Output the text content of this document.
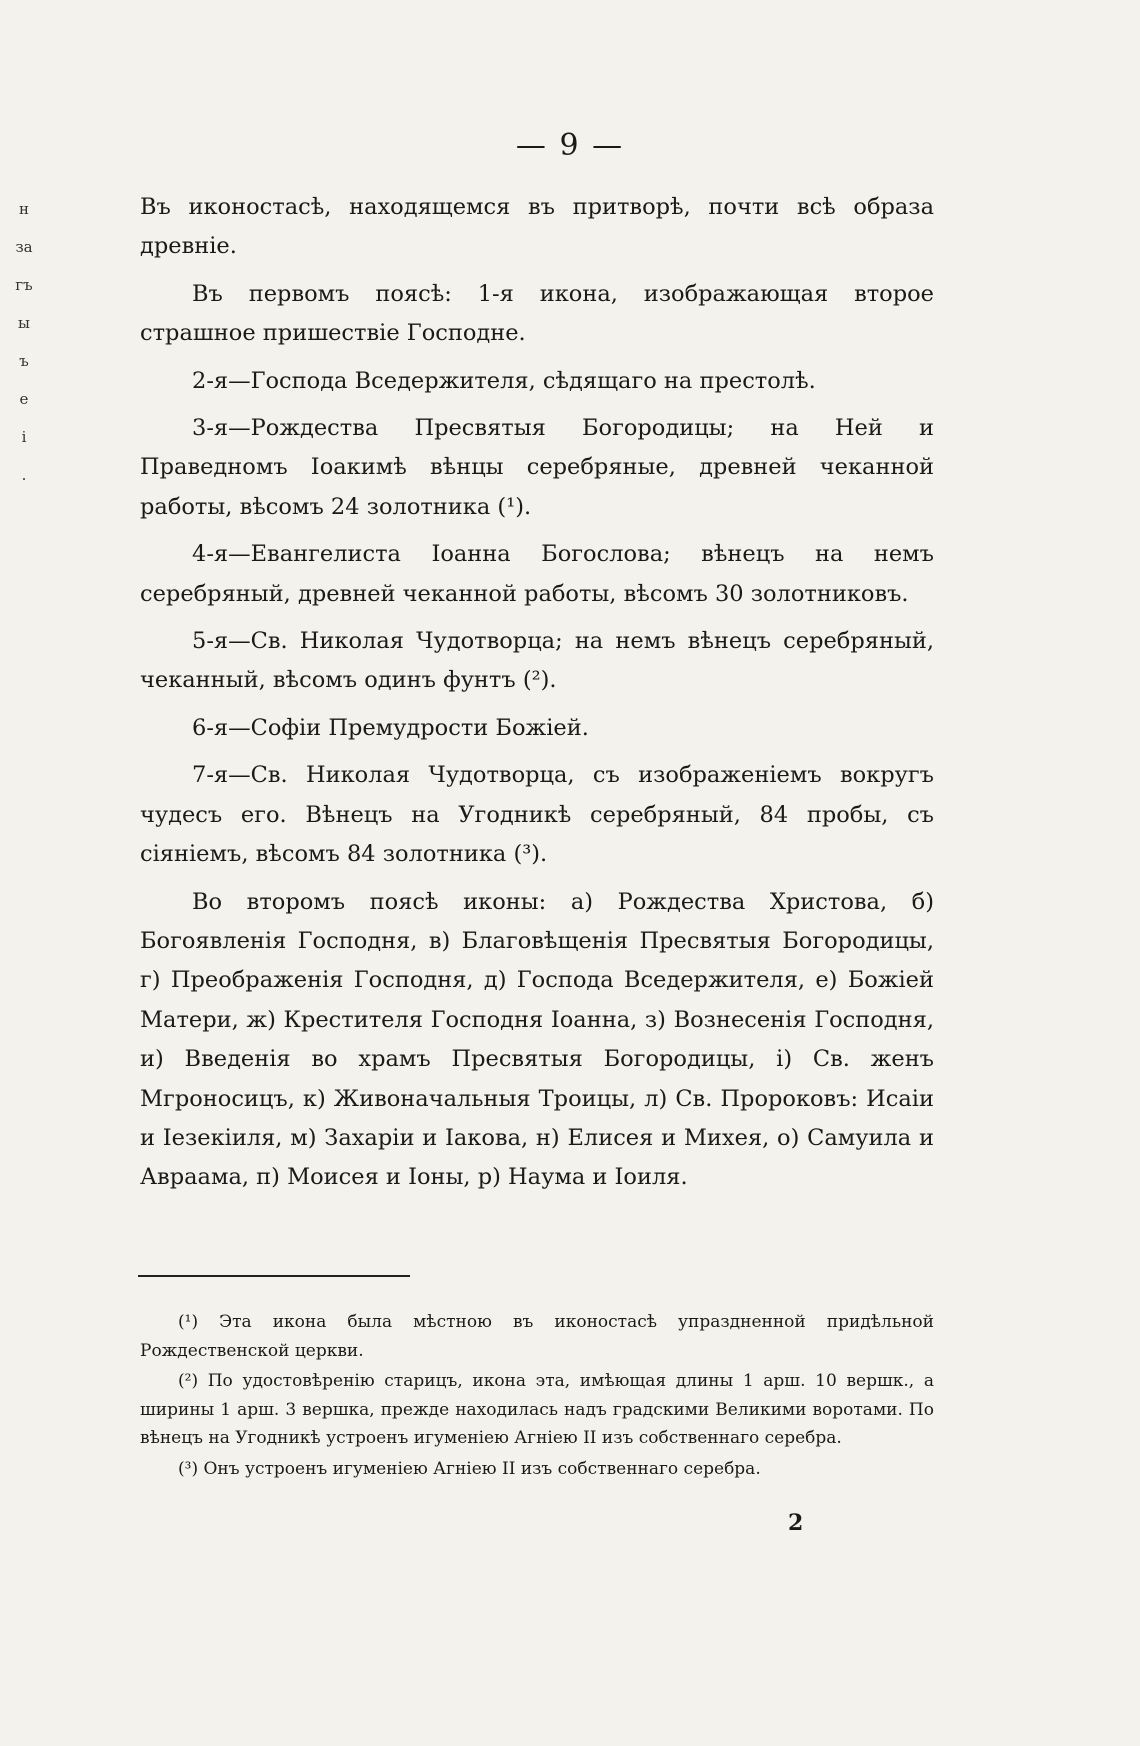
— 9 —
н
за
гъ
ы
ъ
е
і
.

Въ иконостасѣ, находящемся въ притворѣ, почти всѣ образа древніе.

Въ первомъ поясѣ: 1-я икона, изображающая второе страшное пришествіе Господне.

2-я—Господа Вседержителя, сѣдящаго на престолѣ.

3-я—Рождества Пресвятыя Богородицы; на Ней и Праведномъ Іоакимѣ вѣнцы серебряные, древней чеканной работы, вѣсомъ 24 золотника (¹).

4-я—Евангелиста Іоанна Богослова; вѣнецъ на немъ серебряный, древней чеканной работы, вѣсомъ 30 золотниковъ.

5-я—Св. Николая Чудотворца; на немъ вѣнецъ серебряный, чеканный, вѣсомъ одинъ фунтъ (²).

6-я—Софіи Премудрости Божіей.

7-я—Св. Николая Чудотворца, съ изображеніемъ вокругъ чудесъ его. Вѣнецъ на Угодникѣ серебряный, 84 пробы, съ сіяніемъ, вѣсомъ 84 золотника (³).

Во второмъ поясѣ иконы: а) Рождества Христова, б) Богоявленія Господня, в) Благовѣщенія Пресвятыя Богородицы, г) Преображенія Господня, д) Господа Вседержителя, е) Божіей Матери, ж) Крестителя Господня Іоанна, з) Вознесенія Господня, и) Введенія во храмъ Пресвятыя Богородицы, і) Св. женъ Мгроносицъ, к) Живоначальныя Троицы, л) Св. Пророковъ: Исаіи и Іезекіиля, м) Захаріи и Іакова, н) Елисея и Михея, о) Самуила и Авраама, п) Моисея и Іоны, р) Наума и Іоиля.

(¹) Эта икона была мѣстною въ иконостасѣ упраздненной придѣльной Рождественской церкви.

(²) По удостовѣренію старицъ, икона эта, имѣющая длины 1 арш. 10 вершк., а ширины 1 арш. 3 вершка, прежде находилась надъ градскими Великими воротами. По вѣнецъ на Угодникѣ устроенъ игуменіею Агніею II изъ собственнаго серебра.

(³) Онъ устроенъ игуменіею Агніею II изъ собственнаго серебра.

2
